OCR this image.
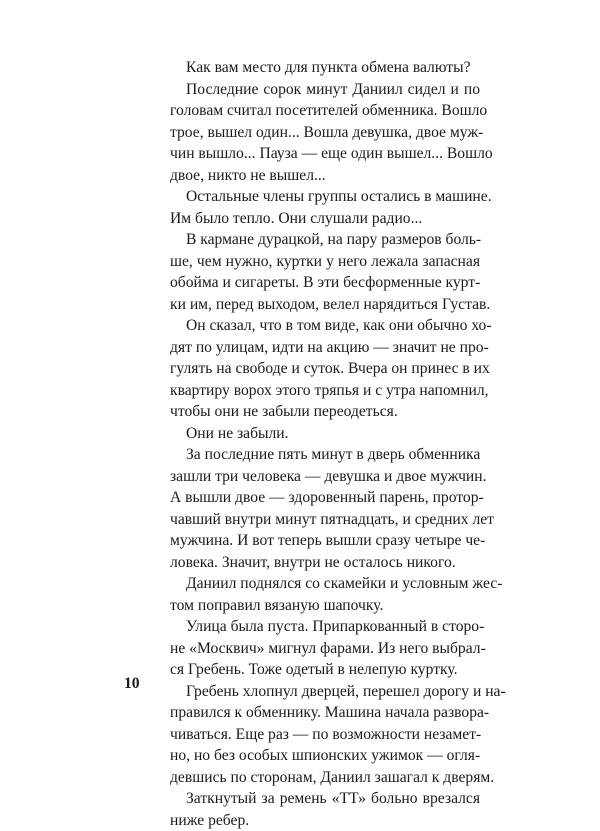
Как вам место для пункта обмена валюты?
Последние сорок минут Даниил сидел и по
головам считал посетителей обменника. Вошло
трое, вышел один... Вошла девушка, двое муж-
чин вышло... Пауза — еще один вышел... Вошло
двое, никто не вышел...
Остальные члены группы остались в машине.
Им было тепло. Они слушали радио...
В кармане дурацкой, на пару размеров боль-
ше, чем нужно, куртки у него лежала запасная
обойма и сигареты. В эти бесформенные курт-
ки им, перед выходом, велел нарядиться Густав.
Он сказал, что в том виде, как они обычно хо-
дят по улицам, идти на акцию — значит не про-
гулять на свободе и суток. Вчера он принес в их
квартиру ворох этого тряпья и с утра напомнил,
чтобы они не забыли переодеться.
Они не забыли.
За последние пять минут в дверь обменника
зашли три человека — девушка и двое мужчин.
А вышли двое — здоровенный парень, протор-
чавший внутри минут пятнадцать, и средних лет
мужчина. И вот теперь вышли сразу четыре че-
ловека. Значит, внутри не осталось никого.
Даниил поднялся со скамейки и условным жес-
том поправил вязаную шапочку.
Улица была пуста. Припаркованный в сторо-
не «Москвич» мигнул фарами. Из него выбрал-
ся Гребень. Тоже одетый в нелепую куртку.
Гребень хлопнул дверцей, перешел дорогу и на-
правился к обменнику. Машина начала развора-
чиваться. Еще раз — по возможности незамет-
но, но без особых шпионских ужимок — огля-
девшись по сторонам, Даниил зашагал к дверям.
Заткнутый за ремень «ТТ» больно врезался
ниже ребер.
10
